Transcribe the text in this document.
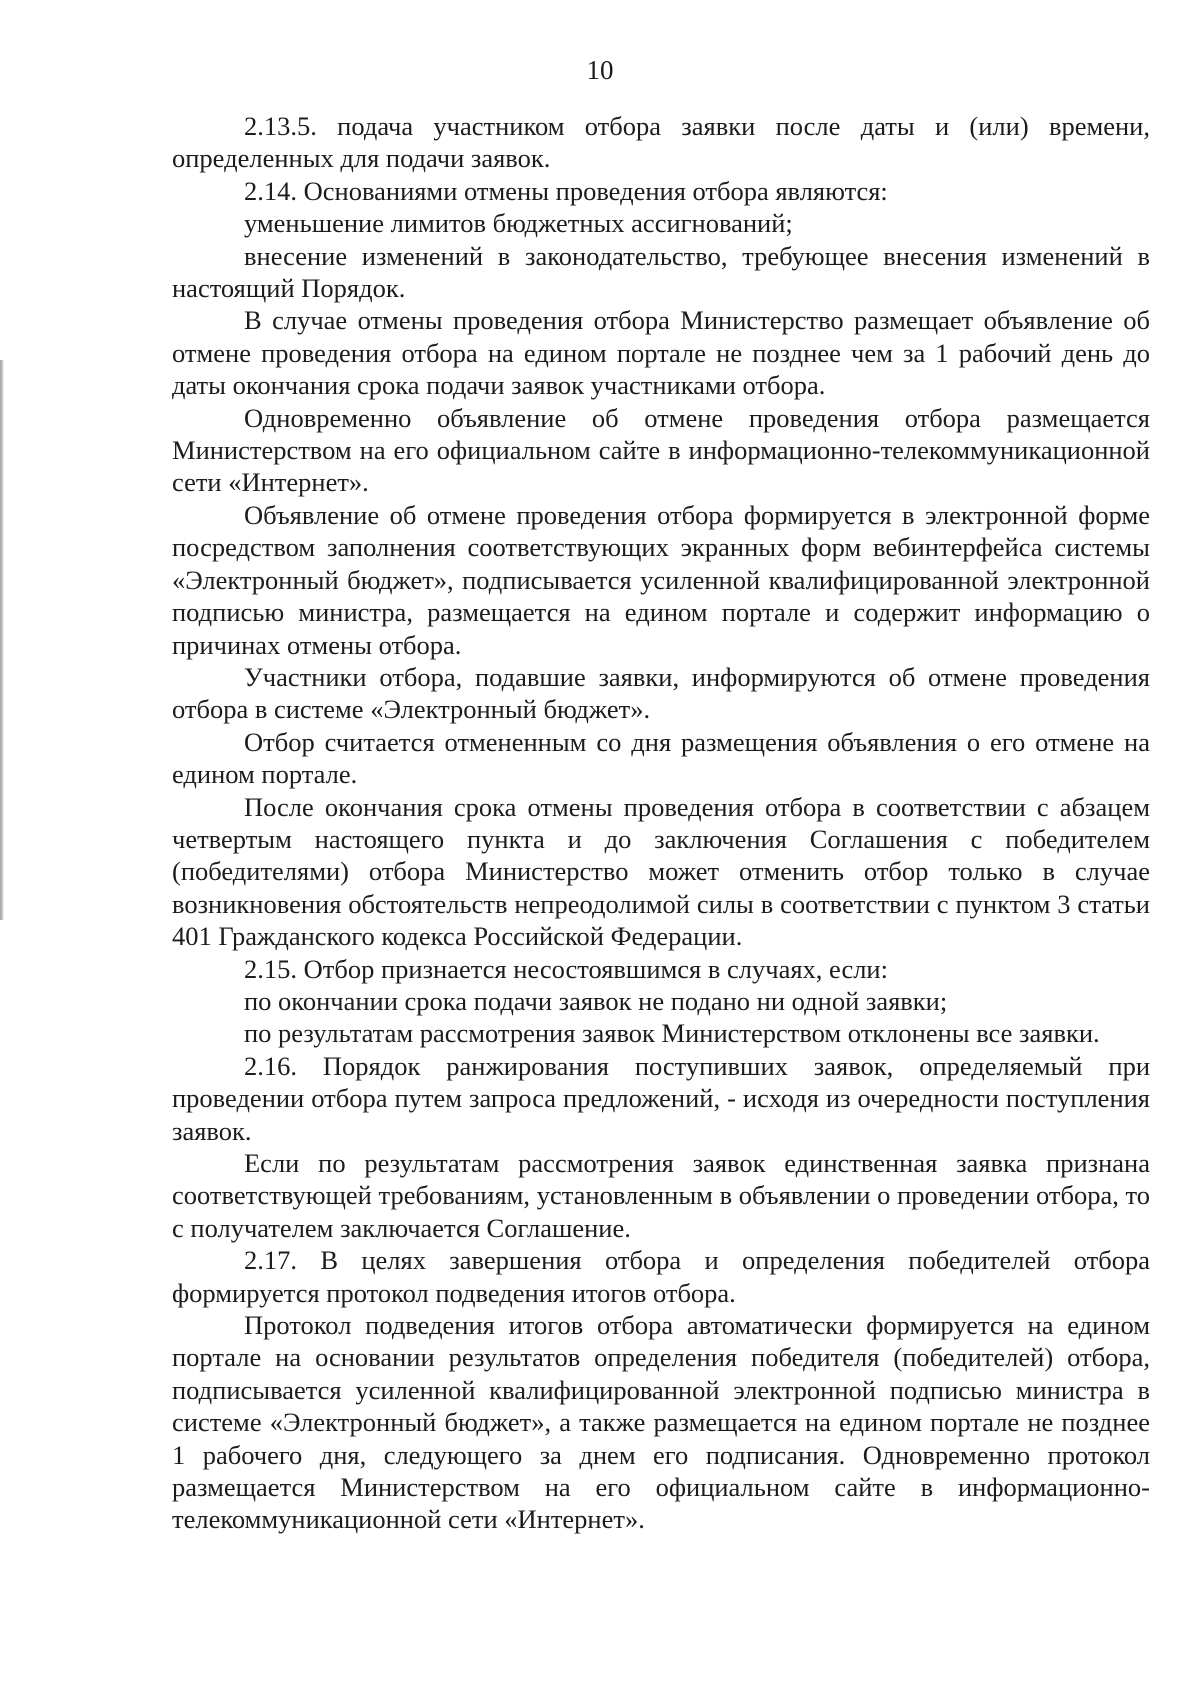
10

2.13.5. подача участником отбора заявки после даты и (или) времени, определенных для подачи заявок.

2.14. Основаниями отмены проведения отбора являются:

уменьшение лимитов бюджетных ассигнований;

внесение изменений в законодательство, требующее внесения изменений в настоящий Порядок.

В случае отмены проведения отбора Министерство размещает объявление об отмене проведения отбора на едином портале не позднее чем за 1 рабочий день до даты окончания срока подачи заявок участниками отбора.

Одновременно объявление об отмене проведения отбора размещается Министерством на его официальном сайте в информационно-телекоммуникационной сети «Интернет».

Объявление об отмене проведения отбора формируется в электронной форме посредством заполнения соответствующих экранных форм вебинтерфейса системы «Электронный бюджет», подписывается усиленной квалифицированной электронной подписью министра, размещается на едином портале и содержит информацию о причинах отмены отбора.

Участники отбора, подавшие заявки, информируются об отмене проведения отбора в системе «Электронный бюджет».

Отбор считается отмененным со дня размещения объявления о его отмене на едином портале.

После окончания срока отмены проведения отбора в соответствии с абзацем четвертым настоящего пункта и до заключения Соглашения с победителем (победителями) отбора Министерство может отменить отбор только в случае возникновения обстоятельств непреодолимой силы в соответствии с пунктом 3 статьи 401 Гражданского кодекса Российской Федерации.

2.15. Отбор признается несостоявшимся в случаях, если:

по окончании срока подачи заявок не подано ни одной заявки;

по результатам рассмотрения заявок Министерством отклонены все заявки.

2.16. Порядок ранжирования поступивших заявок, определяемый при проведении отбора путем запроса предложений, - исходя из очередности поступления заявок.

Если по результатам рассмотрения заявок единственная заявка признана соответствующей требованиям, установленным в объявлении о проведении отбора, то с получателем заключается Соглашение.

2.17. В целях завершения отбора и определения победителей отбора формируется протокол подведения итогов отбора.

Протокол подведения итогов отбора автоматически формируется на едином портале на основании результатов определения победителя (победителей) отбора, подписывается усиленной квалифицированной электронной подписью министра в системе «Электронный бюджет», а также размещается на едином портале не позднее 1 рабочего дня, следующего за днем его подписания. Одновременно протокол размещается Министерством на его официальном сайте в информационно-телекоммуникационной сети «Интернет».
